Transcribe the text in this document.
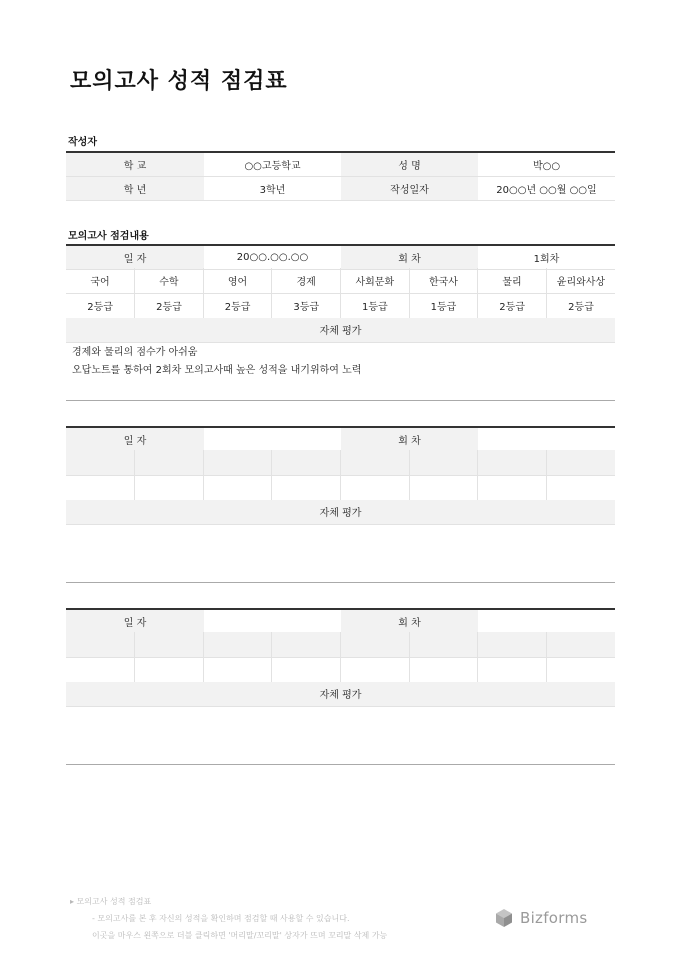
모의고사 성적 점검표
작성자
학 교	○○고등학교	성 명	박○○
학 년	3학년	작성일자	20○○년 ○○월 ○○일
모의고사 점검내용
일 자	20○○.○○.○○	회 차	1회차
국어	수학	영어	경제	사회문화	한국사	물리	윤리와사상
2등급	2등급	2등급	3등급	1등급	1등급	2등급	2등급
자체 평가
경제와 물리의 점수가 아쉬움
오답노트를 통하여 2회차 모의고사때 높은 성적을 내기위하여 노력
일 자		회 차	

자체 평가
일 자		회 차	

자체 평가
▸ 모의고사 성적 점검표
- 모의고사를 본 후 자신의 성적을 확인하며 점검할 때 사용할 수 있습니다.
이곳을 마우스 왼쪽으로 더블 클릭하면 '머리말/꼬리말' 상자가 뜨며 꼬리말 삭제 가능
Bizforms
